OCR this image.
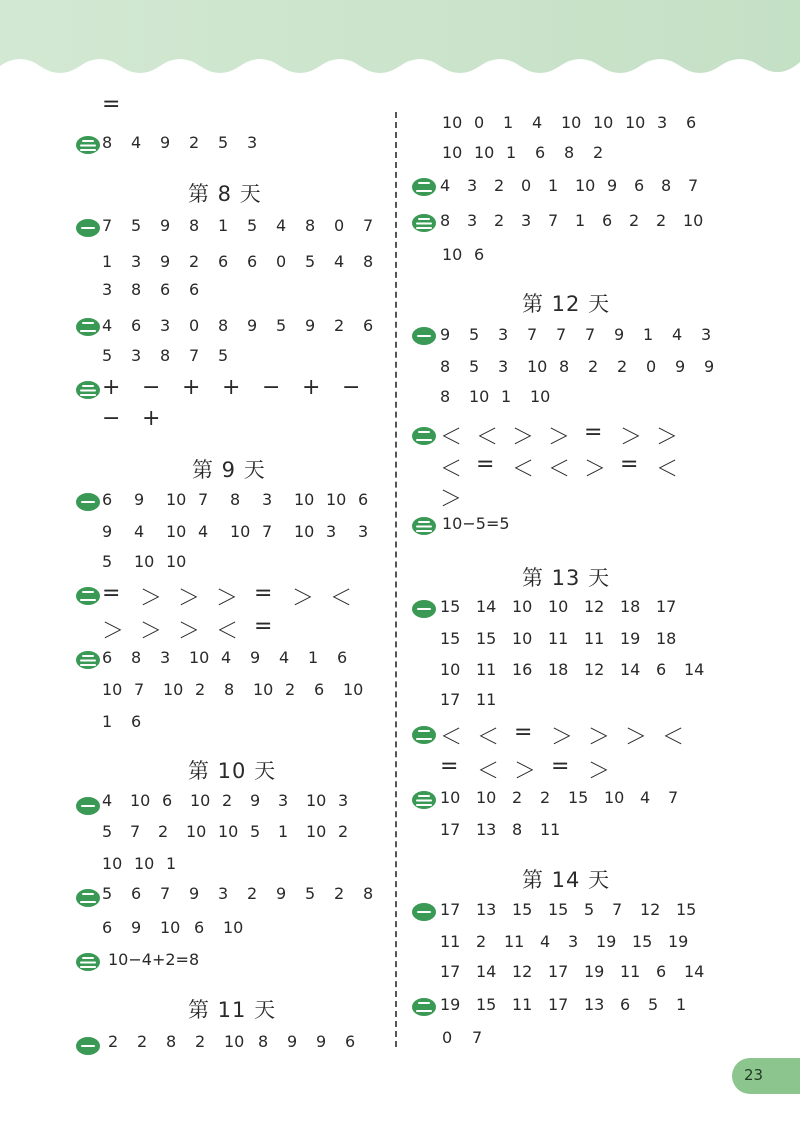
=
8	4	9	2	5	3
第 8 天
7	5	9	8	1	5	4	8	0	7
1	3	9	2	6	6	0	5	4	8
3	8	6	6
4	6	3	0	8	9	5	9	2	6
5	3	8	7	5
+ − + + − + −
− +
第 9 天
6	9	10 7	8	3	10 10 6
9	4	10 4	10 7	10 3	3
5	10 10
= ＞ ＞ ＞ = ＞ ＜
＞ ＞ ＞ ＜ =
6	8	3	10 4	9	4	1	6
10 7	10 2	8	10 2	6	10
1	6
第 10 天
4	10 6	10 2	9	3	10 3
5	7	2	10 10 5	1	10 2
10 10 1
5	6	7	9	3	2	9	5	2	8
6	9	10 6	10
10−4+2=8
第 11 天
2	2	8	2	10 8	9	9	6
10 0	1	4	10 10 10 3	6
10 10 1	6	8	2
4	3	2	0	1	10 9	6	8	7
8	3	2	3	7	1	6	2	2	10
10 6
第 12 天
9	5	3	7	7	7	9	1	4	3
8	5	3	10 8	2	2	0	9	9
8	10 1	10
＜ ＜ ＞ ＞ = ＞ ＞
＜ = ＜ ＜ ＞ = ＜
＞
10−5=5
第 13 天
15 14 10 10 12 18 17
15 15 10 11 11 19 18
10 11 16 18 12 14 6	14
17 11
＜ ＜ = ＞ ＞ ＞ ＜
= ＜ ＞ = ＞
10 10 2	2	15 10 4	7
17 13 8	11
第 14 天
17 13 15 15 5	7	12 15
11 2	11 4	3	19 15 19
17 14 12 17 19 11 6	14
19 15 11 17 13 6	5	1
0	7
23
